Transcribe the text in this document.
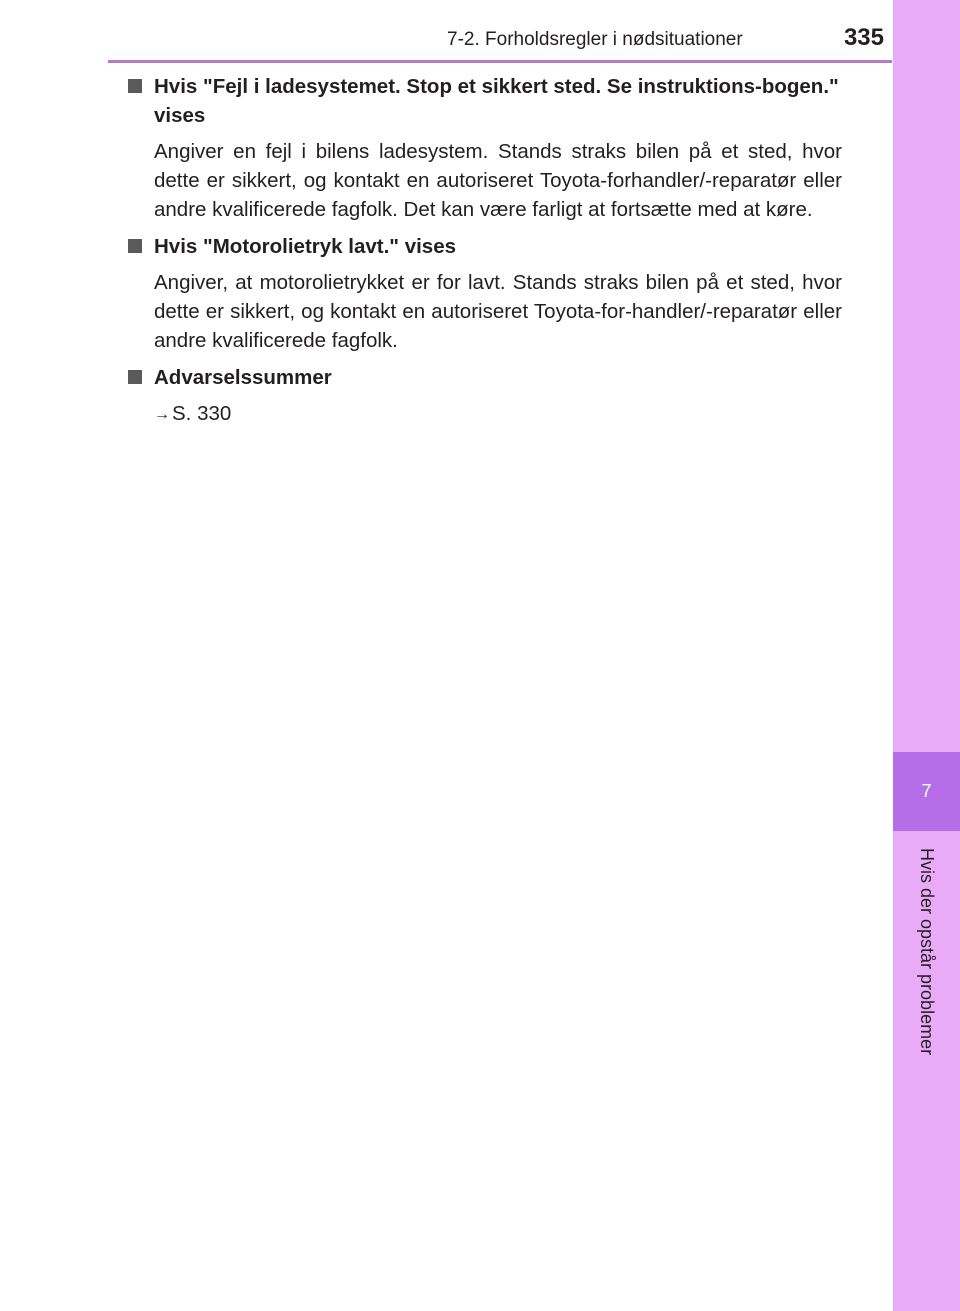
7-2. Forholdsregler i nødsituationer	335
7
Hvis der opstår problemer

Hvis "Fejl i ladesystemet. Stop et sikkert sted. Se instruktions-bogen." vises

Angiver en fejl i bilens ladesystem. Stands straks bilen på et sted, hvor dette er sikkert, og kontakt en autoriseret Toyota-forhandler/-reparatør eller andre kvalificerede fagfolk. Det kan være farligt at fortsætte med at køre.

Hvis "Motorolietryk lavt." vises

Angiver, at motorolietrykket er for lavt. Stands straks bilen på et sted, hvor dette er sikkert, og kontakt en autoriseret Toyota-for-handler/-reparatør eller andre kvalificerede fagfolk.

Advarselssummer

→S. 330
